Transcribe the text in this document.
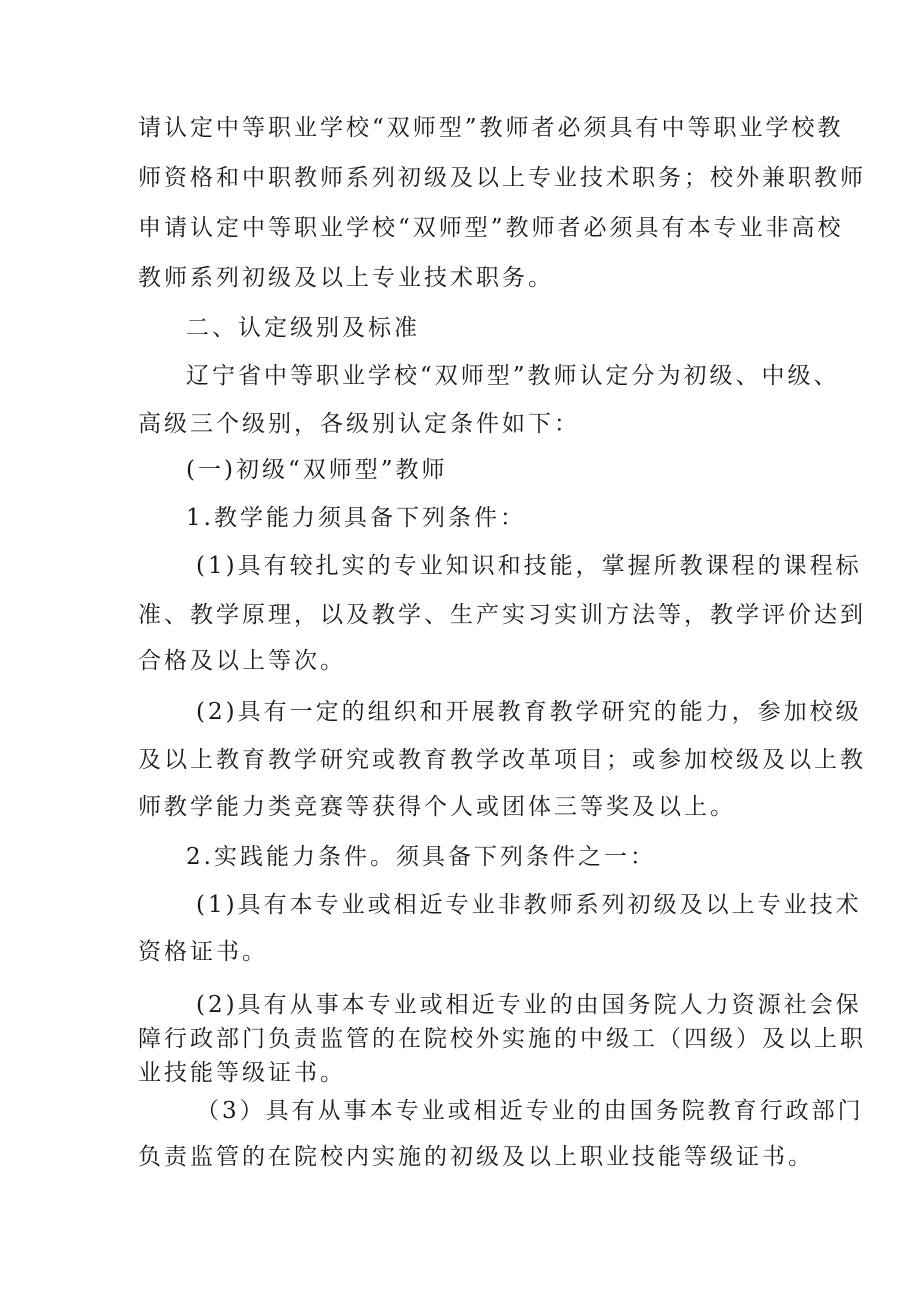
请认定中等职业学校“双师型”教师者必须具有中等职业学校教
师资格和中职教师系列初级及以上专业技术职务；校外兼职教师
申请认定中等职业学校“双师型”教师者必须具有本专业非高校
教师系列初级及以上专业技术职务。
二、认定级别及标准
辽宁省中等职业学校“双师型”教师认定分为初级、中级、
高级三个级别，各级别认定条件如下：
(一)初级“双师型”教师
1.教学能力须具备下列条件：
(1)具有较扎实的专业知识和技能，掌握所教课程的课程标
准、教学原理，以及教学、生产实习实训方法等，教学评价达到
合格及以上等次。
(2)具有一定的组织和开展教育教学研究的能力，参加校级
及以上教育教学研究或教育教学改革项目；或参加校级及以上教
师教学能力类竞赛等获得个人或团体三等奖及以上。
2.实践能力条件。须具备下列条件之一：
(1)具有本专业或相近专业非教师系列初级及以上专业技术
资格证书。
(2)具有从事本专业或相近专业的由国务院人力资源社会保
障行政部门负责监管的在院校外实施的中级工（四级）及以上职
业技能等级证书。
（3）具有从事本专业或相近专业的由国务院教育行政部门
负责监管的在院校内实施的初级及以上职业技能等级证书。
